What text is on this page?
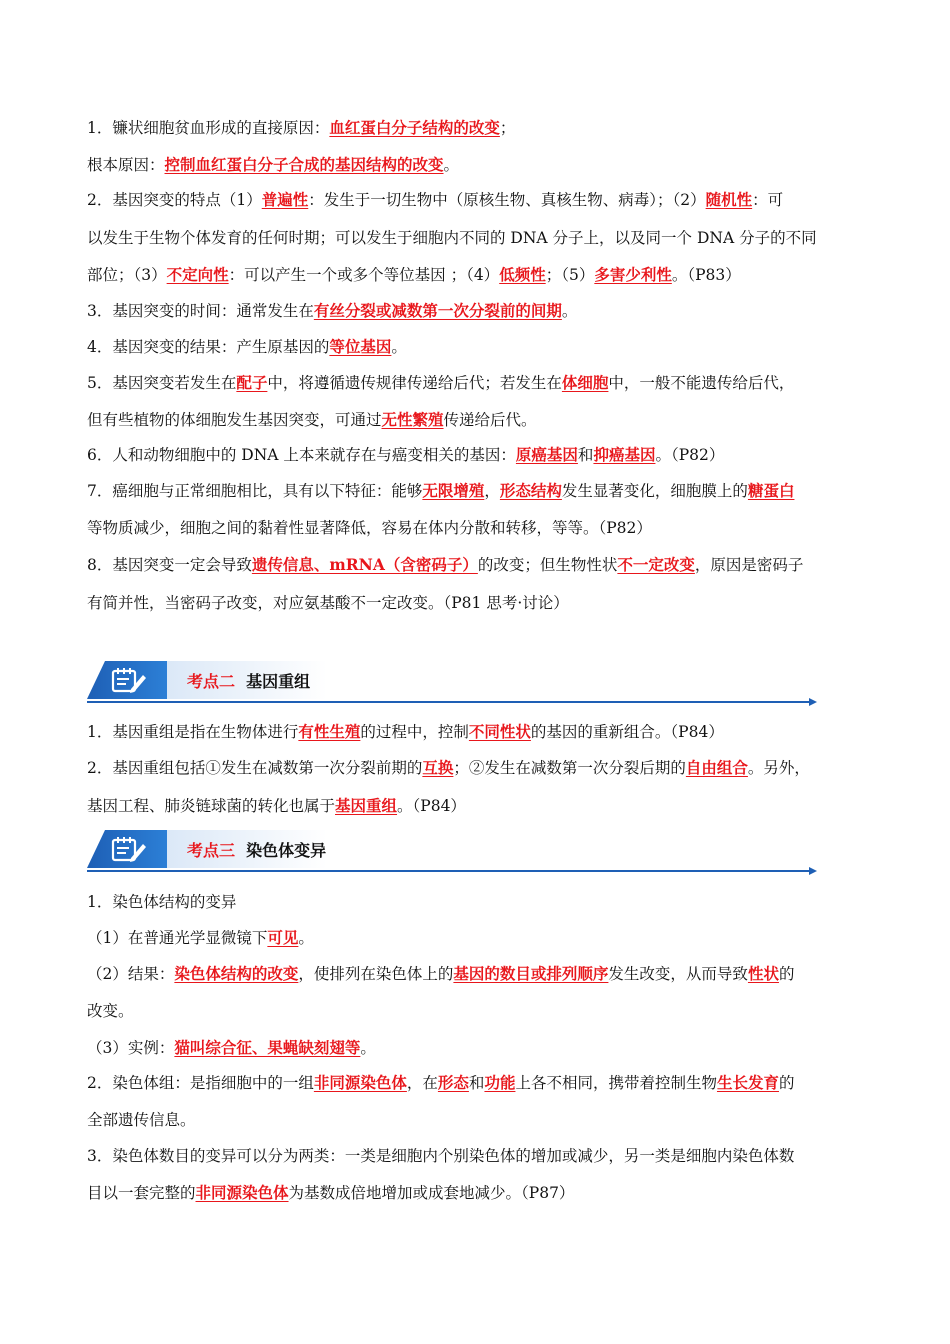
1．镰状细胞贫血形成的直接原因：血红蛋白分子结构的改变；
根本原因：控制血红蛋白分子合成的基因结构的改变。
2．基因突变的特点（1）普遍性：发生于一切生物中（原核生物、真核生物、病毒）；（2）随机性：可
以发生于生物个体发育的任何时期；可以发生于细胞内不同的 DNA 分子上，以及同一个 DNA 分子的不同
部位；（3）不定向性：可以产生一个或多个等位基因 ；（4）低频性；（5）多害少利性。（P83）
3．基因突变的时间：通常发生在有丝分裂或减数第一次分裂前的间期。
4．基因突变的结果：产生原基因的等位基因。
5．基因突变若发生在配子中，将遵循遗传规律传递给后代；若发生在体细胞中，一般不能遗传给后代，
但有些植物的体细胞发生基因突变，可通过无性繁殖传递给后代。
6．人和动物细胞中的 DNA 上本来就存在与癌变相关的基因：原癌基因和抑癌基因。（P82）
7．癌细胞与正常细胞相比，具有以下特征：能够无限增殖，形态结构发生显著变化，细胞膜上的糖蛋白
等物质减少，细胞之间的黏着性显著降低，容易在体内分散和转移，等等。（P82）
8．基因突变一定会导致遗传信息、mRNA（含密码子）的改变；但生物性状不一定改变，原因是密码子
有简并性，当密码子改变，对应氨基酸不一定改变。（P81 思考·讨论）
考点二 基因重组
1．基因重组是指在生物体进行有性生殖的过程中，控制不同性状的基因的重新组合。（P84）
2．基因重组包括①发生在减数第一次分裂前期的互换；②发生在减数第一次分裂后期的自由组合。另外，
基因工程、肺炎链球菌的转化也属于基因重组。（P84）
考点三 染色体变异
1．染色体结构的变异
（1）在普通光学显微镜下可见。
（2）结果：染色体结构的改变，使排列在染色体上的基因的数目或排列顺序发生改变，从而导致性状的
改变。
（3）实例：猫叫综合征、果蝇缺刻翅等。
2．染色体组：是指细胞中的一组非同源染色体，在形态和功能上各不相同，携带着控制生物生长发育的
全部遗传信息。
3．染色体数目的变异可以分为两类：一类是细胞内个别染色体的增加或减少，另一类是细胞内染色体数
目以一套完整的非同源染色体为基数成倍地增加或成套地减少。（P87）
